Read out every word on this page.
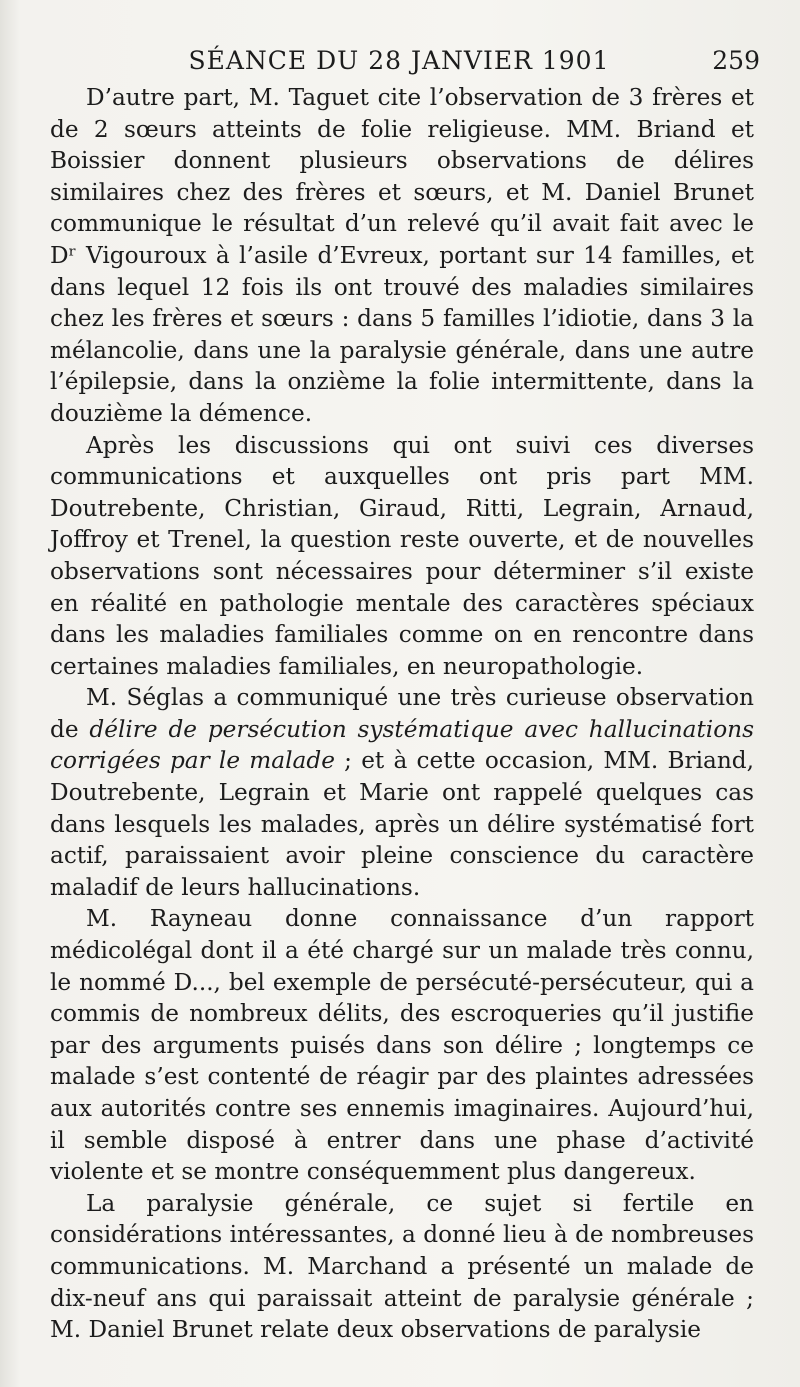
SÉANCE DU 28 JANVIER 1901	259

D’autre part, M. Taguet cite l’observation de 3 frères et de 2 sœurs atteints de folie religieuse. MM. Briand et Boissier donnent plusieurs observations de délires similaires chez des frères et sœurs, et M. Daniel Brunet communique le résultat d’un relevé qu’il avait fait avec le Dʳ Vigouroux à l’asile d’Evreux, portant sur 14 familles, et dans lequel 12 fois ils ont trouvé des maladies similaires chez les frères et sœurs : dans 5 familles l’idiotie, dans 3 la mélancolie, dans une la paralysie générale, dans une autre l’épilepsie, dans la onzième la folie intermittente, dans la douzième la démence.

Après les discussions qui ont suivi ces diverses communications et auxquelles ont pris part MM. Doutrebente, Christian, Giraud, Ritti, Legrain, Arnaud, Joffroy et Trenel, la question reste ouverte, et de nouvelles observations sont nécessaires pour déterminer s’il existe en réalité en pathologie mentale des caractères spéciaux dans les maladies familiales comme on en rencontre dans certaines maladies familiales, en neuropathologie.

M. Séglas a communiqué une très curieuse observation de délire de persécution systématique avec hallucinations corrigées par le malade ; et à cette occasion, MM. Briand, Doutrebente, Legrain et Marie ont rappelé quelques cas dans lesquels les malades, après un délire systématisé fort actif, paraissaient avoir pleine conscience du caractère maladif de leurs hallucinations.

M. Rayneau donne connaissance d’un rapport médicolégal dont il a été chargé sur un malade très connu, le nommé D..., bel exemple de persécuté-persécuteur, qui a commis de nombreux délits, des escroqueries qu’il justifie par des arguments puisés dans son délire ; longtemps ce malade s’est contenté de réagir par des plaintes adressées aux autorités contre ses ennemis imaginaires. Aujourd’hui, il semble disposé à entrer dans une phase d’activité violente et se montre conséquemment plus dangereux.

La paralysie générale, ce sujet si fertile en considérations intéressantes, a donné lieu à de nombreuses communications. M. Marchand a présenté un malade de dix-neuf ans qui paraissait atteint de paralysie générale ; M. Daniel Brunet relate deux observations de paralysie
